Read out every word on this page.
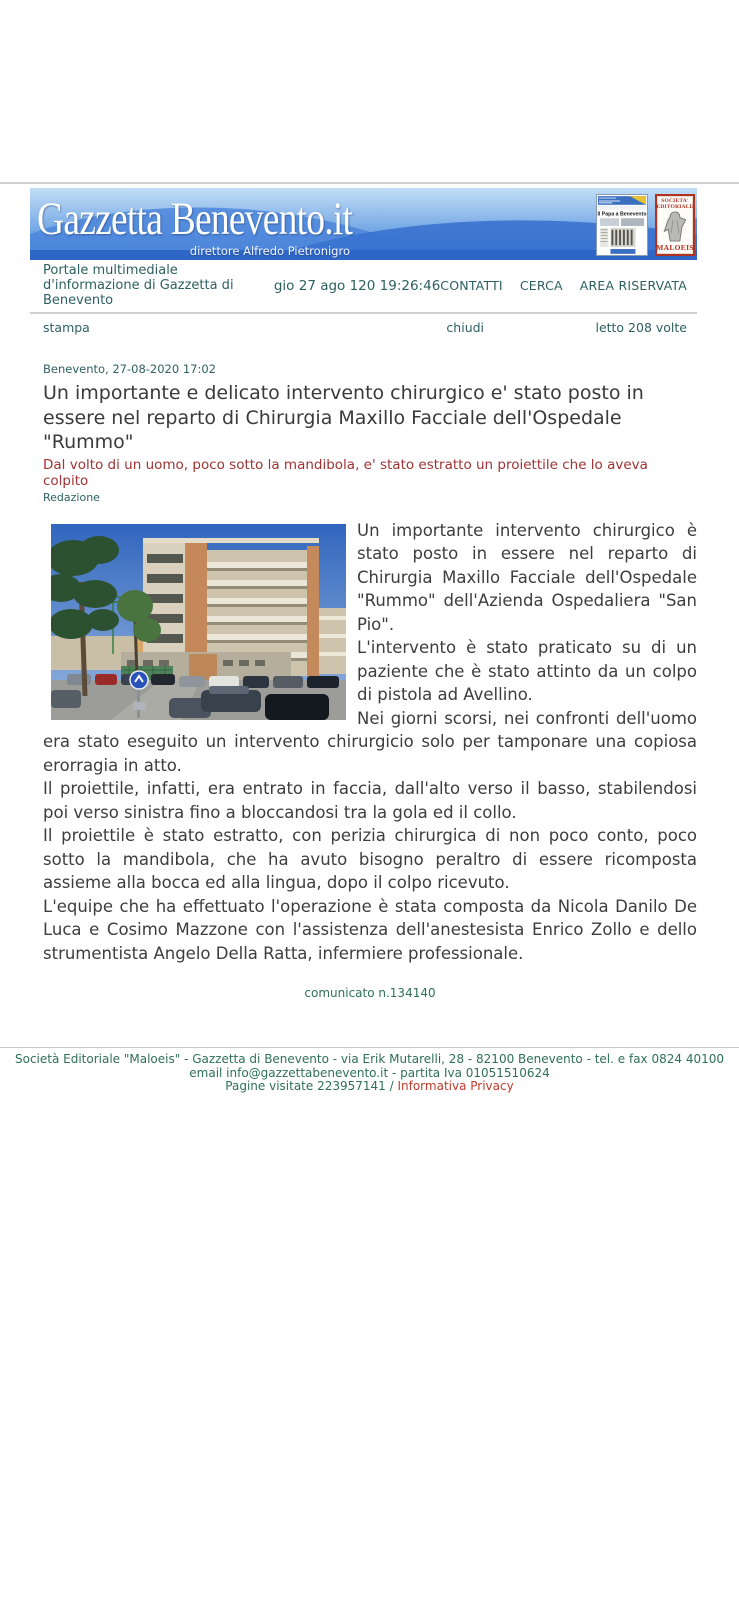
Gazzetta Benevento.it
direttore Alfredo Pietronigro
Il Papa a Benevento
SOCIETA'
EDITORIALE
MALOEIS
Portale multimediale d'informazione di Gazzetta di Benevento
gio 27 ago 120 19:26:46 CONTATTI CERCA AREA RISERVATA
stampa	chiudi	letto 208 volte
Benevento, 27-08-2020 17:02
Un importante e delicato intervento chirurgico e' stato posto in essere nel reparto di Chirurgia Maxillo Facciale dell'Ospedale "Rummo"
Dal volto di un uomo, poco sotto la mandibola, e' stato estratto un proiettile che lo aveva colpito
Redazione

Un importante intervento chirurgico è stato posto in essere nel reparto di Chirurgia Maxillo Facciale dell'Ospedale "Rummo" dell'Azienda Ospedaliera "San Pio".

L'intervento è stato praticato su di un paziente che è stato attinto da un colpo di pistola ad Avellino.

Nei giorni scorsi, nei confronti dell'uomo era stato eseguito un intervento chirurgicio solo per tamponare una copiosa erorragia in atto.

Il proiettile, infatti, era entrato in faccia, dall'alto verso il basso, stabilendosi poi verso sinistra fino a bloccandosi tra la gola ed il collo.

Il proiettile è stato estratto, con perizia chirurgica di non poco conto, poco sotto la mandibola, che ha avuto bisogno peraltro di essere ricomposta assieme alla bocca ed alla lingua, dopo il colpo ricevuto.

L'equipe che ha effettuato l'operazione è stata composta da Nicola Danilo De Luca e Cosimo Mazzone con l'assistenza dell'anestesista Enrico Zollo e dello strumentista Angelo Della Ratta, infermiere professionale.

comunicato n.134140
Società Editoriale "Maloeis" - Gazzetta di Benevento - via Erik Mutarelli, 28 - 82100 Benevento - tel. e fax 0824 40100
email info@gazzettabenevento.it - partita Iva 01051510624
Pagine visitate 223957141 / Informativa Privacy
